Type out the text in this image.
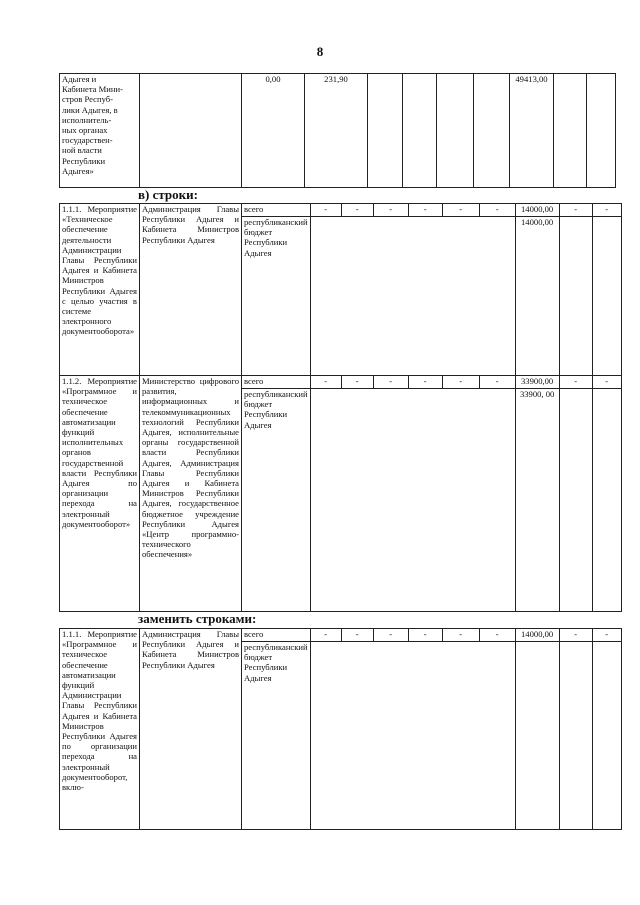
8
Адыгея и
Кабинета Мини-
стров Респуб-
лики Адыгея, в
исполнитель-
ных органах
государствен-
ной власти
Республики
Адыгея»		0,00	231,90					49413,00		
в) строки:
1.1.1. Мероприятие «Техническое обеспечение деятельности Администрации Главы Республики Адыгея и Кабинета Министров Республики Адыгея с целью участия в системе электронного документооборота»	Администрация Главы Республики Адыгея и Кабинета Министров Республики Адыгея	всего	-	-	-	-	-	-	14000,00	-	-
		республиканский бюджет Республики Адыгея							14000,00		
1.1.2. Мероприятие «Программное и техническое обеспечение автоматизации функций исполнительных органов государственной власти Республики Адыгея по организации перехода на электронный документооборот»	Министерство цифрового развития, информационных и телекоммуникационных технологий Республики Адыгея, исполнительные органы государственной власти Республики Адыгея, Администрация Главы Республики Адыгея и Кабинета Министров Республики Адыгея, государственное бюджетное учреждение Республики Адыгея «Центр программно-технического обеспечения»	всего	-	-	-	-	-	-	33900,00	-	-
		республиканский бюджет Республики Адыгея							33900, 00		
заменить строками:
1.1.1. Мероприятие «Программное и техническое обеспечение автоматизации функций Администрации Главы Республики Адыгея и Кабинета Министров Республики Адыгея по организации перехода на электронный документооборот, вклю-	Администрация Главы Республики Адыгея и Кабинета Министров Республики Адыгея	всего	-	-	-	-	-	-	14000,00	-	-
		республиканский бюджет Республики Адыгея									
